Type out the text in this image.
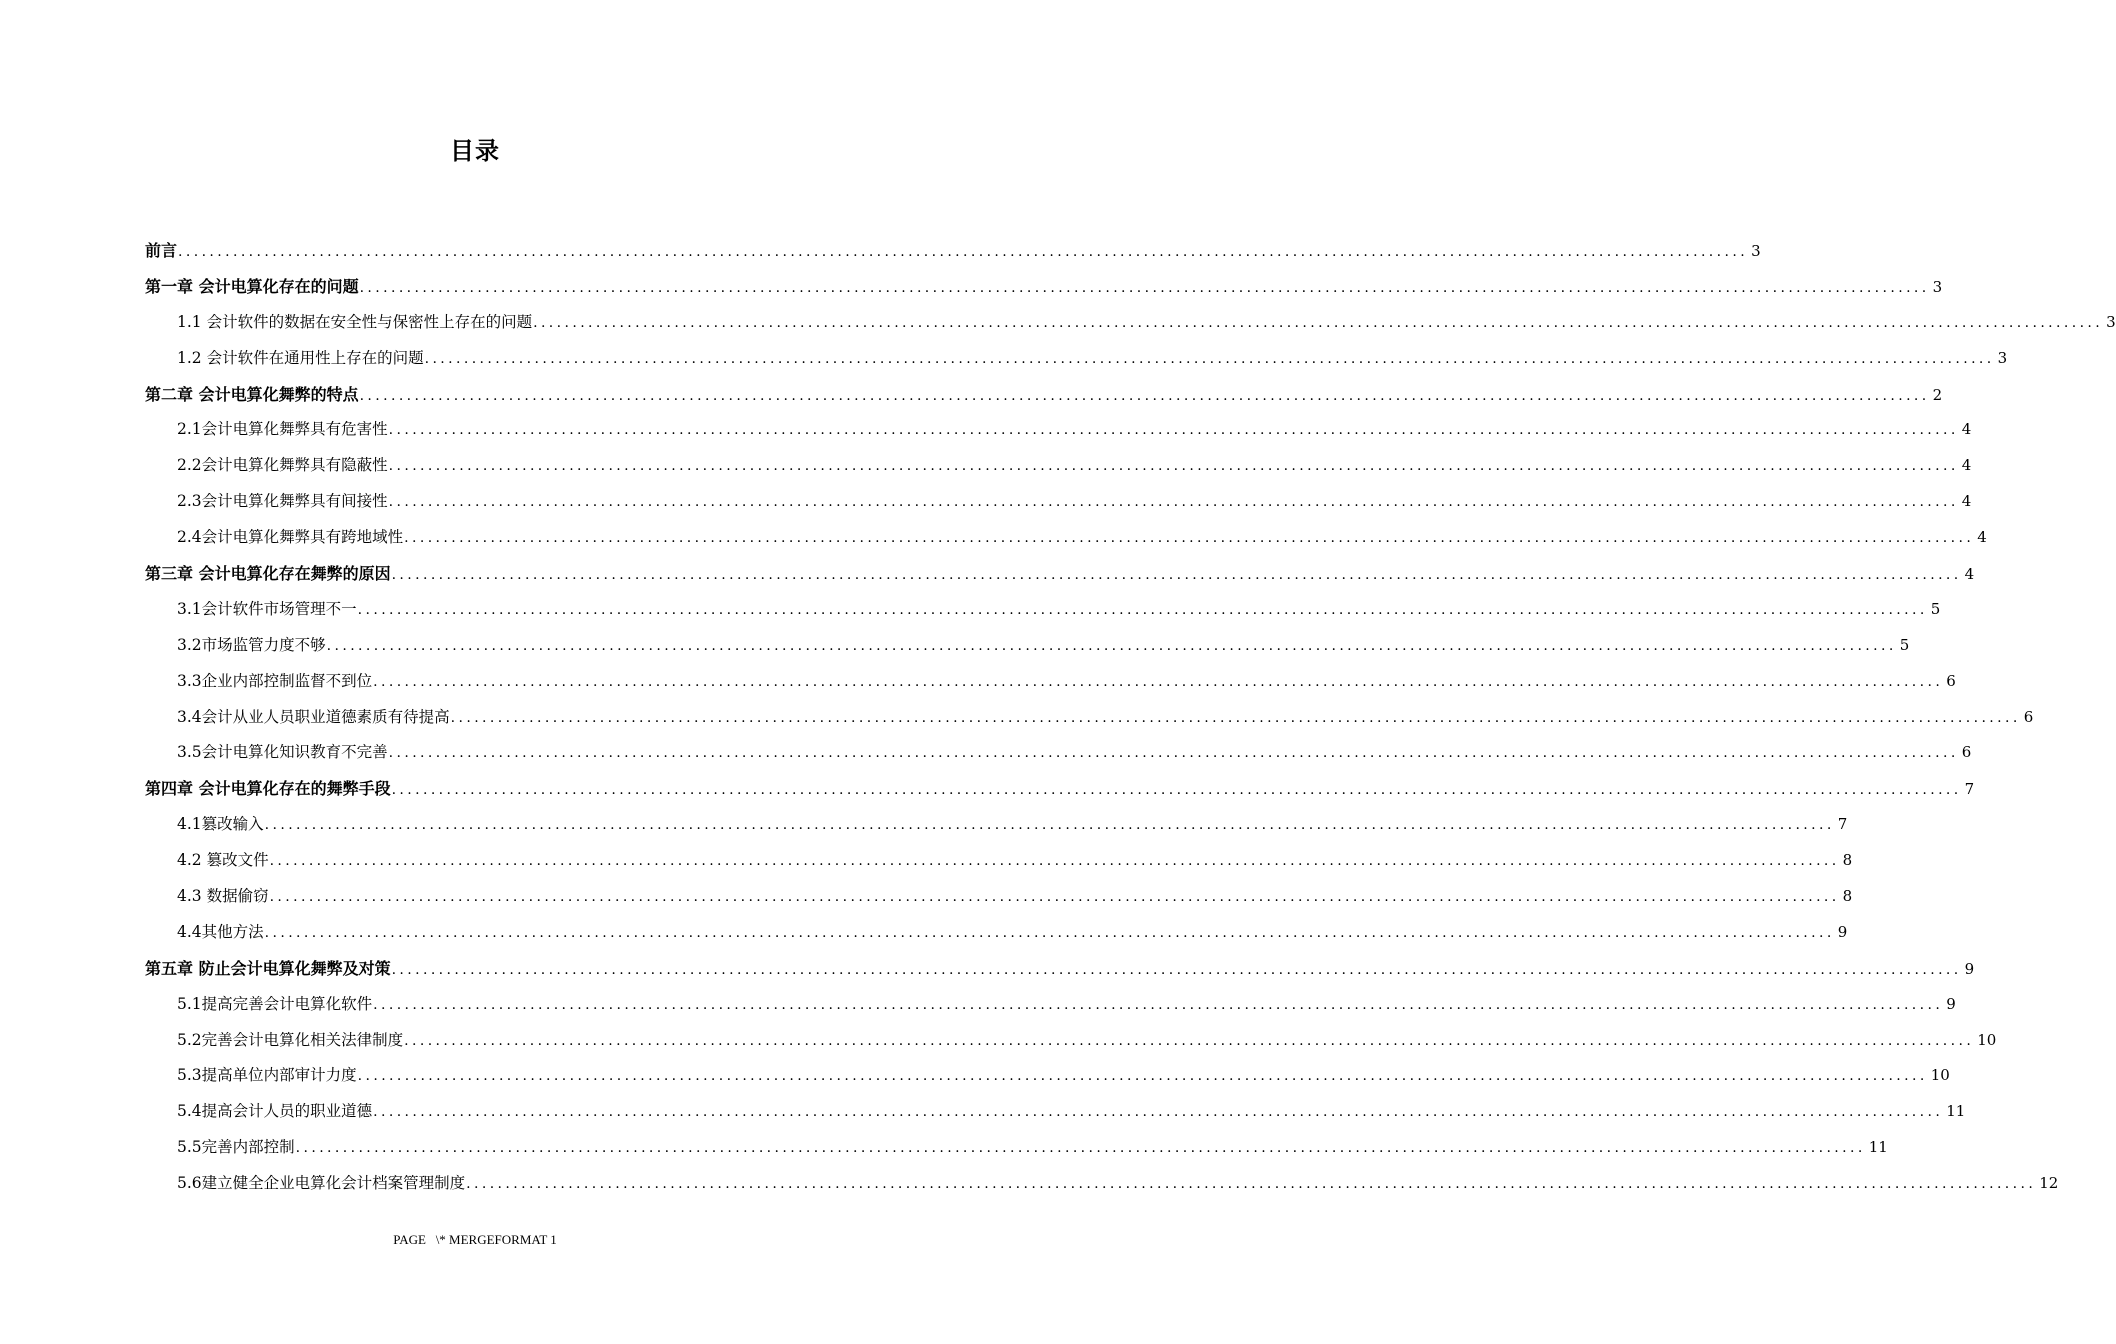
目录
前言 ........................................................................................................................................................................................................ 3
第一章 会计电算化存在的问题 ........................................................................................................................................................................................................ 3
1.1 会计软件的数据在安全性与保密性上存在的问题 ........................................................................................................................................................................................................ 3
1.2 会计软件在通用性上存在的问题 ........................................................................................................................................................................................................ 3
第二章 会计电算化舞弊的特点 ........................................................................................................................................................................................................ 2
2.1会计电算化舞弊具有危害性 ........................................................................................................................................................................................................ 4
2.2会计电算化舞弊具有隐蔽性 ........................................................................................................................................................................................................ 4
2.3会计电算化舞弊具有间接性 ........................................................................................................................................................................................................ 4
2.4会计电算化舞弊具有跨地域性 ........................................................................................................................................................................................................ 4
第三章 会计电算化存在舞弊的原因 ........................................................................................................................................................................................................ 4
3.1会计软件市场管理不一 ........................................................................................................................................................................................................ 5
3.2市场监管力度不够 ........................................................................................................................................................................................................ 5
3.3企业内部控制监督不到位 ........................................................................................................................................................................................................ 6
3.4会计从业人员职业道德素质有待提高 ........................................................................................................................................................................................................ 6
3.5会计电算化知识教育不完善 ........................................................................................................................................................................................................ 6
第四章 会计电算化存在的舞弊手段 ........................................................................................................................................................................................................ 7
4.1篡改输入 ........................................................................................................................................................................................................ 7
4.2 篡改文件 ........................................................................................................................................................................................................ 8
4.3 数据偷窃 ........................................................................................................................................................................................................ 8
4.4其他方法 ........................................................................................................................................................................................................ 9
第五章 防止会计电算化舞弊及对策 ........................................................................................................................................................................................................ 9
5.1提高完善会计电算化软件 ........................................................................................................................................................................................................ 9
5.2完善会计电算化相关法律制度 ........................................................................................................................................................................................................ 10
5.3提高单位内部审计力度 ........................................................................................................................................................................................................ 10
5.4提高会计人员的职业道德 ........................................................................................................................................................................................................ 11
5.5完善内部控制 ........................................................................................................................................................................................................ 11
5.6建立健全企业电算化会计档案管理制度 ........................................................................................................................................................................................................ 12
PAGE   \* MERGEFORMAT 1
